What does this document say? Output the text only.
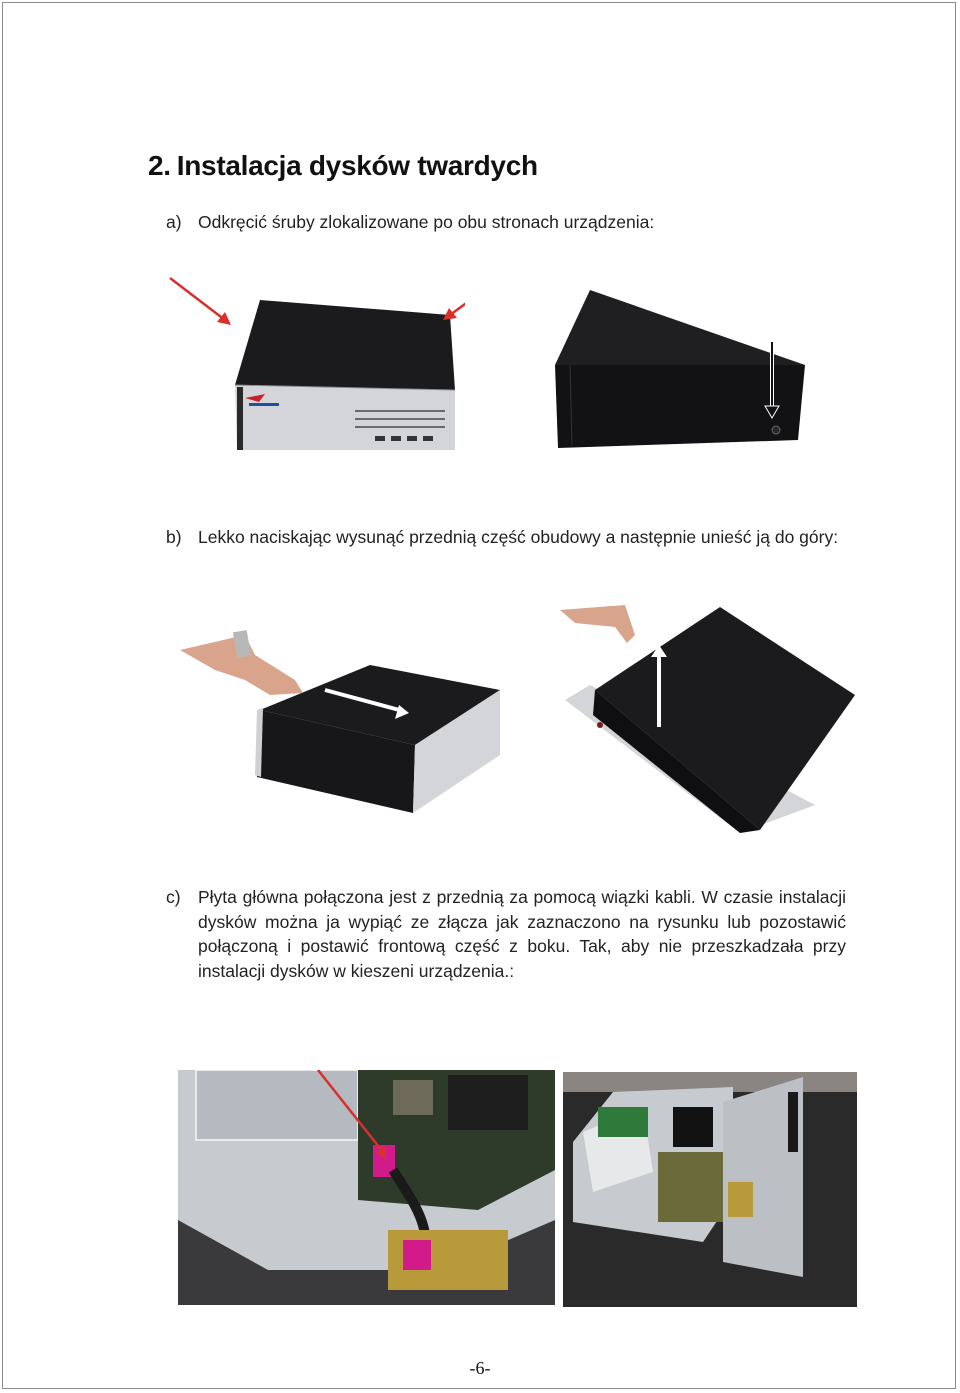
2. Instalacja dysków twardych
a) Odkręcić śruby zlokalizowane po obu stronach urządzenia:
b) Lekko naciskając wysunąć przednią część obudowy a następnie unieść ją do góry:
c) Płyta główna połączona jest z przednią za pomocą wiązki kabli. W czasie instalacji dysków można ja wypiąć ze złącza jak zaznaczono na rysunku lub pozostawić połączoną i postawić frontową część z boku. Tak, aby nie przeszkadzała przy instalacji dysków w kieszeni urządzenia.:
-6-
